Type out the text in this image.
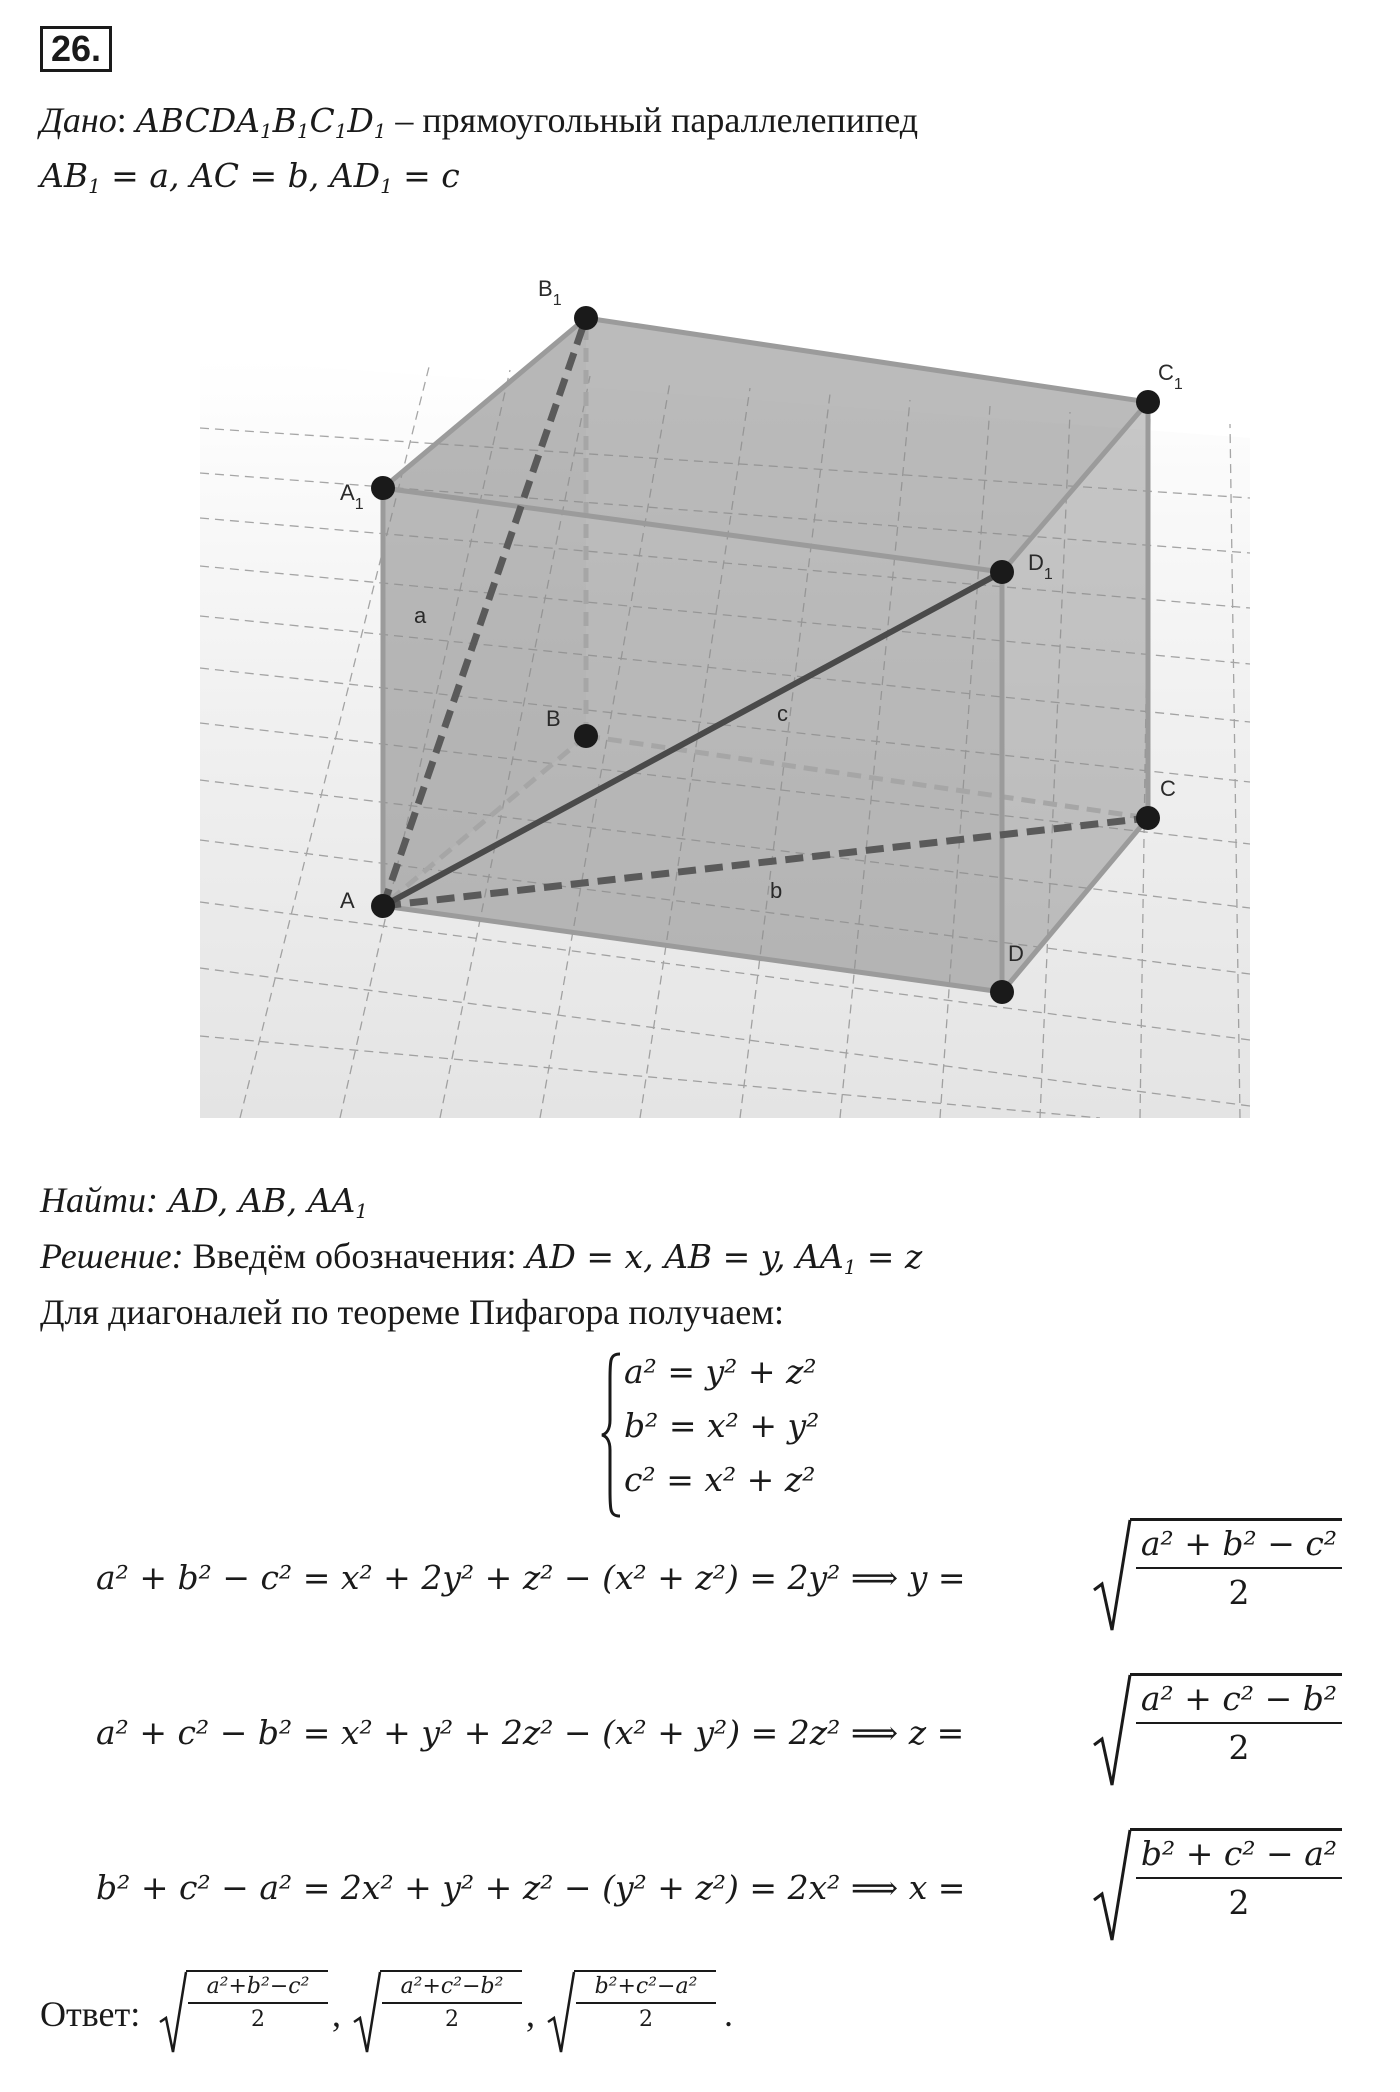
26.
Дано: $ABCDA_1B_1C_1D_1$ – прямоугольный параллелепипед
$AB_1 = a$, AC = b, $AD_1 = c$
A
B
C
D
$A_1$
$B_1$
$C_1$
$D_1$
a
b
c
Найти: AD, AB, $AA_1$
Решение: Введём обозначения: AD = x, AB = y, $AA_1 = z$
Для диагоналей по теореме Пифагора получаем:
a² = y² + z²
b² = x² + y²
c² = x² + z²
a² + b² − c² = x² + 2y² + z² − (x² + z²) = 2y² ⟹ y =
a² + b² − c²
2
a² + c² − b² = x² + y² + 2z² − (x² + y²) = 2z² ⟹ z =
a² + c² − b²
2
b² + c² − a² = 2x² + y² + z² − (y² + z²) = 2x² ⟹ x =
b² + c² − a²
2
Ответ:
a²+b²−c²
2	,
a²+c²−b²
2	,
b²+c²−a²
2	.
